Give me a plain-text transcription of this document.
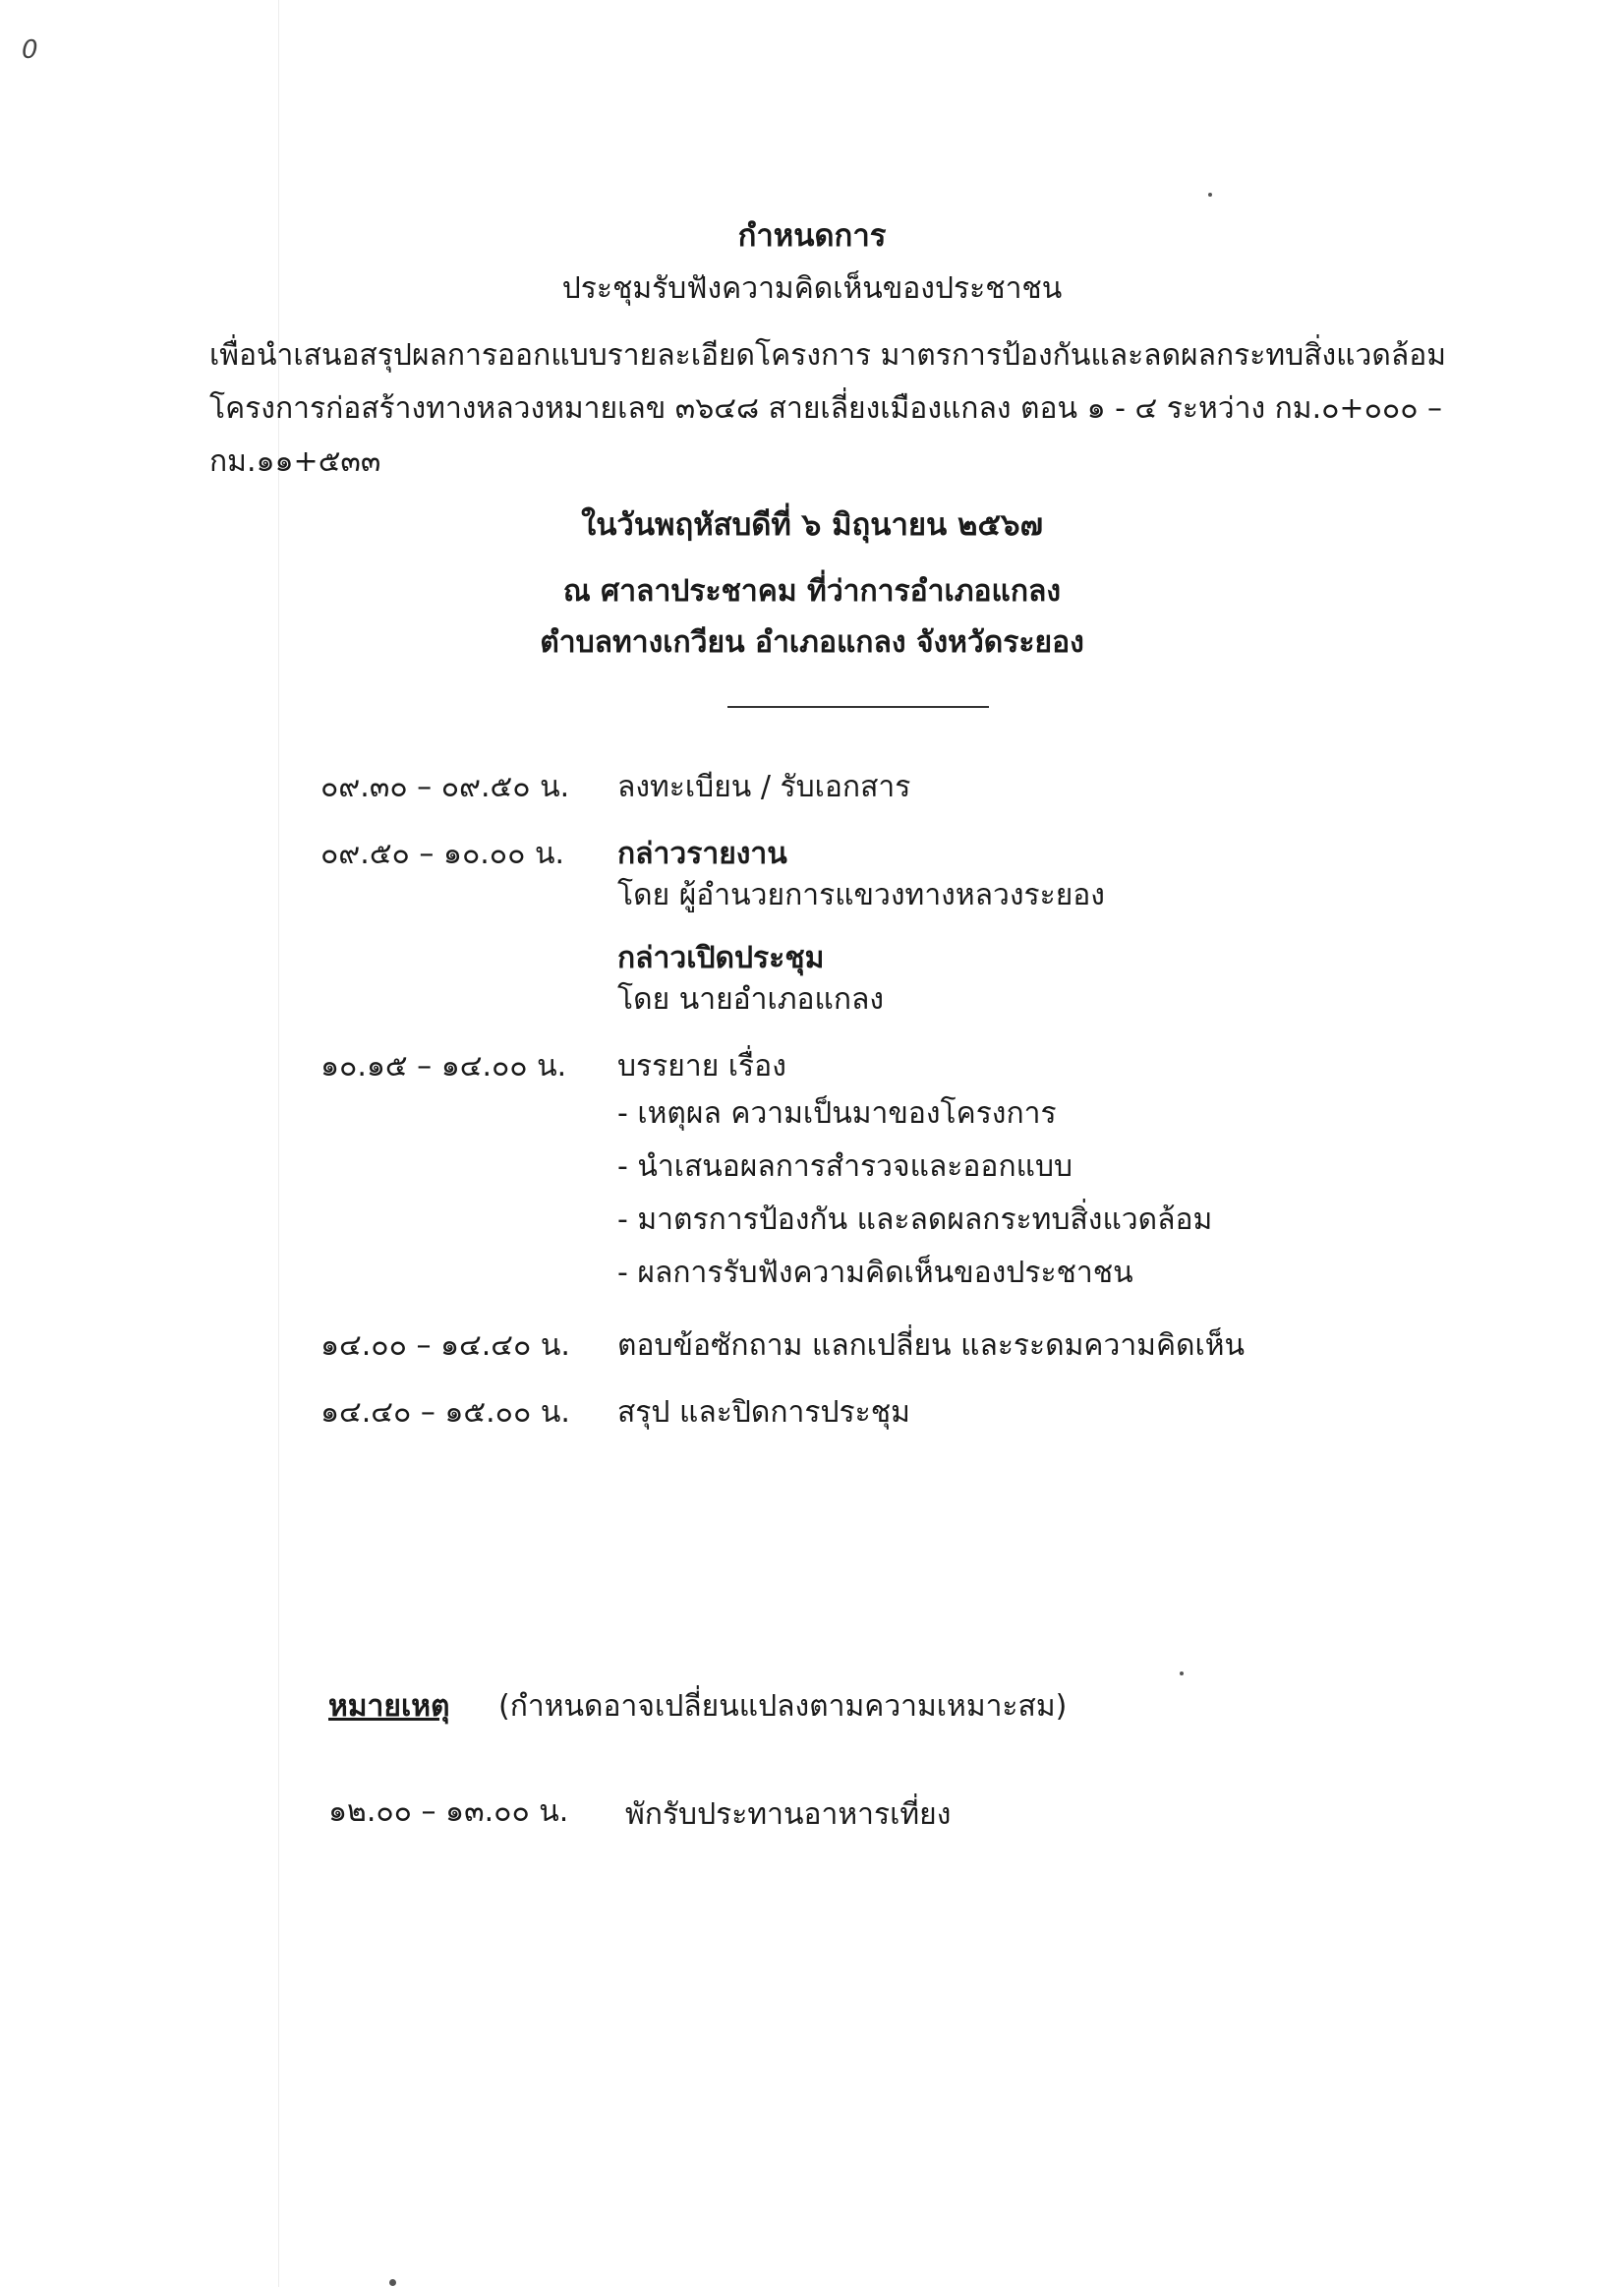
0
กำหนดการ
ประชุมรับฟังความคิดเห็นของประชาชน
เพื่อนำเสนอสรุปผลการออกแบบรายละเอียดโครงการ มาตรการป้องกันและลดผลกระทบสิ่งแวดล้อม
โครงการก่อสร้างทางหลวงหมายเลข ๓๖๔๘ สายเลี่ยงเมืองแกลง ตอน ๑ - ๔ ระหว่าง กม.๐+๐๐๐ –
กม.๑๑+๕๓๓
ในวันพฤหัสบดีที่ ๖ มิถุนายน ๒๕๖๗
ณ ศาลาประชาคม ที่ว่าการอำเภอแกลง
ตำบลทางเกวียน อำเภอแกลง จังหวัดระยอง
๐๙.๓๐ – ๐๙.๕๐ น.	ลงทะเบียน / รับเอกสาร
๐๙.๕๐ – ๑๐.๐๐ น.	กล่าวรายงาน
โดย ผู้อำนวยการแขวงทางหลวงระยอง
กล่าวเปิดประชุม
โดย นายอำเภอแกลง
๑๐.๑๕ – ๑๔.๐๐ น.	บรรยาย เรื่อง
- เหตุผล ความเป็นมาของโครงการ
- นำเสนอผลการสำรวจและออกแบบ
- มาตรการป้องกัน และลดผลกระทบสิ่งแวดล้อม
- ผลการรับฟังความคิดเห็นของประชาชน
๑๔.๐๐ – ๑๔.๔๐ น.	ตอบข้อซักถาม แลกเปลี่ยน และระดมความคิดเห็น
๑๔.๔๐ – ๑๕.๐๐ น.	สรุป และปิดการประชุม
หมายเหตุ (กำหนดอาจเปลี่ยนแปลงตามความเหมาะสม)
๑๒.๐๐ – ๑๓.๐๐ น.	พักรับประทานอาหารเที่ยง
